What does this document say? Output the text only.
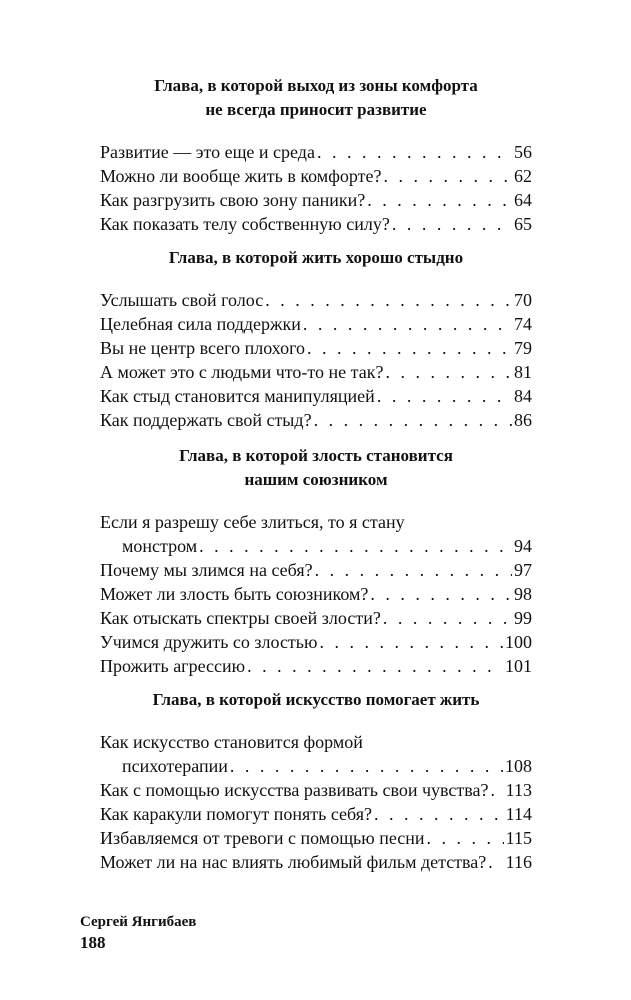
Глава, в которой выход из зоны комфорта
не всегда приносит развитие
Развитие — это еще и среда . . .	56
Можно ли вообще жить в комфорте? . . .	62
Как разгрузить свою зону паники? . . .	64
Как показать телу собственную силу? . . .	65
Глава, в которой жить хорошо стыдно
Услышать свой голос . . .	70
Целебная сила поддержки . . .	74
Вы не центр всего плохого . . .	79
А может это с людьми что-то не так? . . .	81
Как стыд становится манипуляцией . . .	84
Как поддержать свой стыд? . . .	86
Глава, в которой злость становится
нашим союзником
Если я разрешу себе злиться, то я стану
монстром . . .	94
Почему мы злимся на себя? . . .	97
Может ли злость быть союзником? . . .	98
Как отыскать спектры своей злости? . . .	99
Учимся дружить со злостью . . .	100
Прожить агрессию . . .	101
Глава, в которой искусство помогает жить
Как искусство становится формой
психотерапии . . .	108
Как с помощью искусства развивать свои чувства? . . . 113
Как каракули помогут понять себя? . . .	114
Избавляемся от тревоги с помощью песни . . .	115
Может ли на нас влиять любимый фильм детства? . . . 116
Сергей Янгибаев
188
